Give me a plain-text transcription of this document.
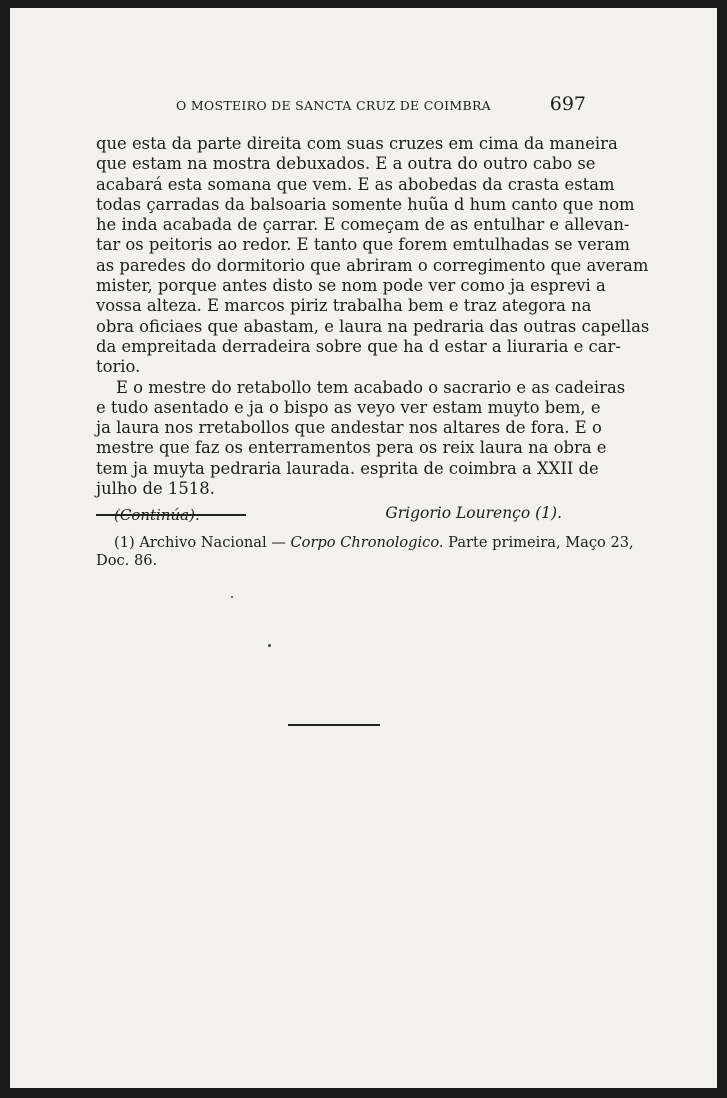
O MOSTEIRO DE SANCTA CRUZ DE COIMBRA	697
que esta da parte direita com suas cruzes em cima da maneira
que estam na mostra debuxados. E a outra do outro cabo se
acabará esta somana que vem. E as abobedas da crasta estam
todas çarradas da balsoaria somente huũa d hum canto que nom
he inda acabada de çarrar. E começam de as entulhar e allevan-
tar os peitoris ao redor. E tanto que forem emtulhadas se veram
as paredes do dormitorio que abriram o corregimento que averam
mister, porque antes disto se nom pode ver como ja esprevi a
vossa alteza. E marcos piriz trabalha bem e traz ategora na
obra oficiaes que abastam, e laura na pedraria das outras capellas
da empreitada derradeira sobre que ha d estar a liuraria e car-
torio.
E o mestre do retabollo tem acabado o sacrario e as cadeiras
e tudo asentado e ja o bispo as veyo ver estam muyto bem, e
ja laura nos rretabollos que andestar nos altares de fora. E o
mestre que faz os enterramentos pera os reix laura na obra e
tem ja muyta pedraria laurada. esprita de coimbra a XXII de
julho de 1518.
Grigorio Lourenço (1).
(1) Archivo Nacional — Corpo Chronologico. Parte primeira, Maço 23,
Doc. 86.
